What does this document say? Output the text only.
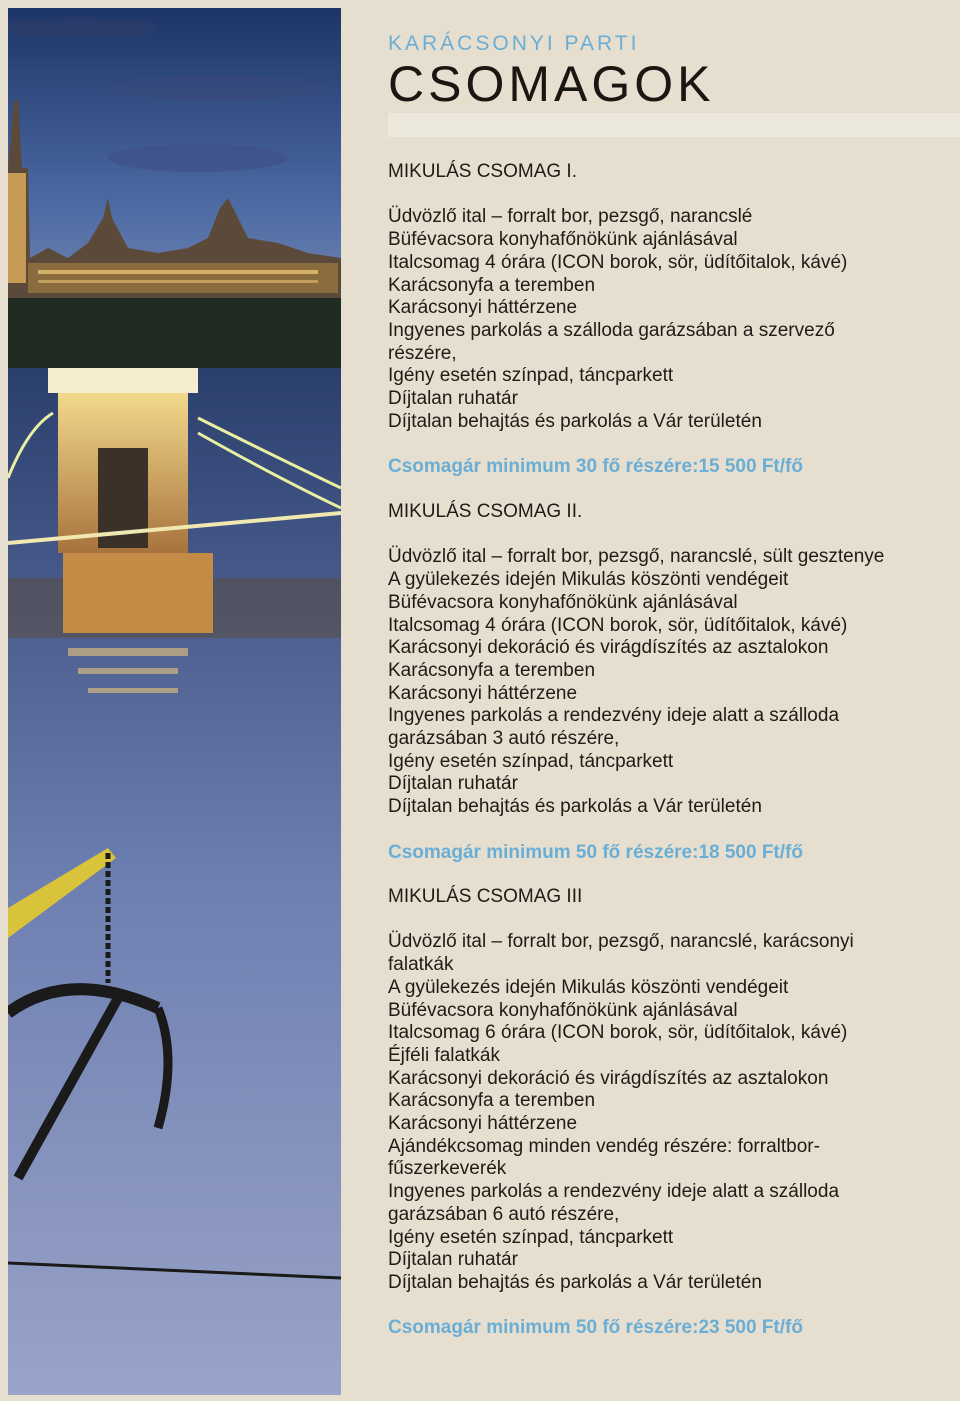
KARÁCSONYI PARTI

CSOMAGOK

MIKULÁS CSOMAG I.

Üdvözlő ital – forralt bor, pezsgő, narancslé
Büfévacsora konyhafőnökünk ajánlásával
Italcsomag 4 órára (ICON borok, sör, üdítőitalok, kávé)
Karácsonyfa a teremben
Karácsonyi háttérzene
Ingyenes parkolás a szálloda garázsában a szervező
részére,
Igény esetén színpad, táncparkett
Díjtalan ruhatár
Díjtalan behajtás és parkolás a Vár területén

Csomagár minimum 30 fő részére:15 500 Ft/fő

MIKULÁS CSOMAG II.

Üdvözlő ital – forralt bor, pezsgő, narancslé, sült gesztenye
A gyülekezés idején Mikulás köszönti vendégeit
Büfévacsora konyhafőnökünk ajánlásával
Italcsomag 4 órára (ICON borok, sör, üdítőitalok, kávé)
Karácsonyi dekoráció és virágdíszítés az asztalokon
Karácsonyfa a teremben
Karácsonyi háttérzene
Ingyenes parkolás a rendezvény ideje alatt a szálloda
garázsában 3 autó részére,
Igény esetén színpad, táncparkett
Díjtalan ruhatár
Díjtalan behajtás és parkolás a Vár területén

Csomagár minimum 50 fő részére:18 500 Ft/fő

MIKULÁS CSOMAG III

Üdvözlő ital – forralt bor, pezsgő, narancslé, karácsonyi
falatkák
A gyülekezés idején Mikulás köszönti vendégeit
Büfévacsora konyhafőnökünk ajánlásával
Italcsomag 6 órára (ICON borok, sör, üdítőitalok, kávé)
Éjféli falatkák
Karácsonyi dekoráció és virágdíszítés az asztalokon
Karácsonyfa a teremben
Karácsonyi háttérzene
Ajándékcsomag minden vendég részére: forraltbor-
fűszerkeverék
Ingyenes parkolás a rendezvény ideje alatt a szálloda
garázsában 6 autó részére,
Igény esetén színpad, táncparkett
Díjtalan ruhatár
Díjtalan behajtás és parkolás a Vár területén

Csomagár minimum 50 fő részére:23 500 Ft/fő
